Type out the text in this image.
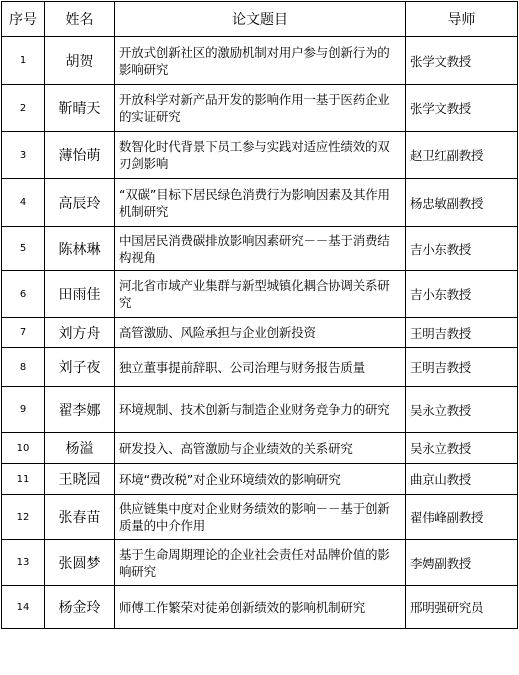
序号	姓名	论文题目	导师
1	胡贺	开放式创新社区的激励机制对用户参与创新行为的影响研究	张学文教授
2	靳晴天	开放科学对新产品开发的影响作用一基于医药企业的实证研究	张学文教授
3	薄怡萌	数智化时代背景下员工参与实践对适应性绩效的双刃剑影响	赵卫红副教授
4	高辰玲	“双碳”目标下居民绿色消费行为影响因素及其作用机制研究	杨忠敏副教授
5	陈林琳	中国居民消费碳排放影响因素研究－－基于消费结构视角	吉小东教授
6	田雨佳	河北省市域产业集群与新型城镇化耦合协调关系研究	吉小东教授
7	刘方舟	高管激励、风险承担与企业创新投资	王明吉教授
8	刘子夜	独立董事提前辞职、公司治理与财务报告质量	王明吉教授
9	翟李娜	环境规制、技术创新与制造企业财务竞争力的研究	吴永立教授
10	杨溢	研发投入、高管激励与企业绩效的关系研究	吴永立教授
11	王晓园	环境“费改税”对企业环境绩效的影响研究	曲京山教授
12	张春苗	供应链集中度对企业财务绩效的影响－－基于创新质量的中介作用	翟伟峰副教授
13	张圆梦	基于生命周期理论的企业社会责任对品牌价值的影响研究	李娉副教授
14	杨金玲	师傅工作繁荣对徒弟创新绩效的影响机制研究	邢明强研究员
